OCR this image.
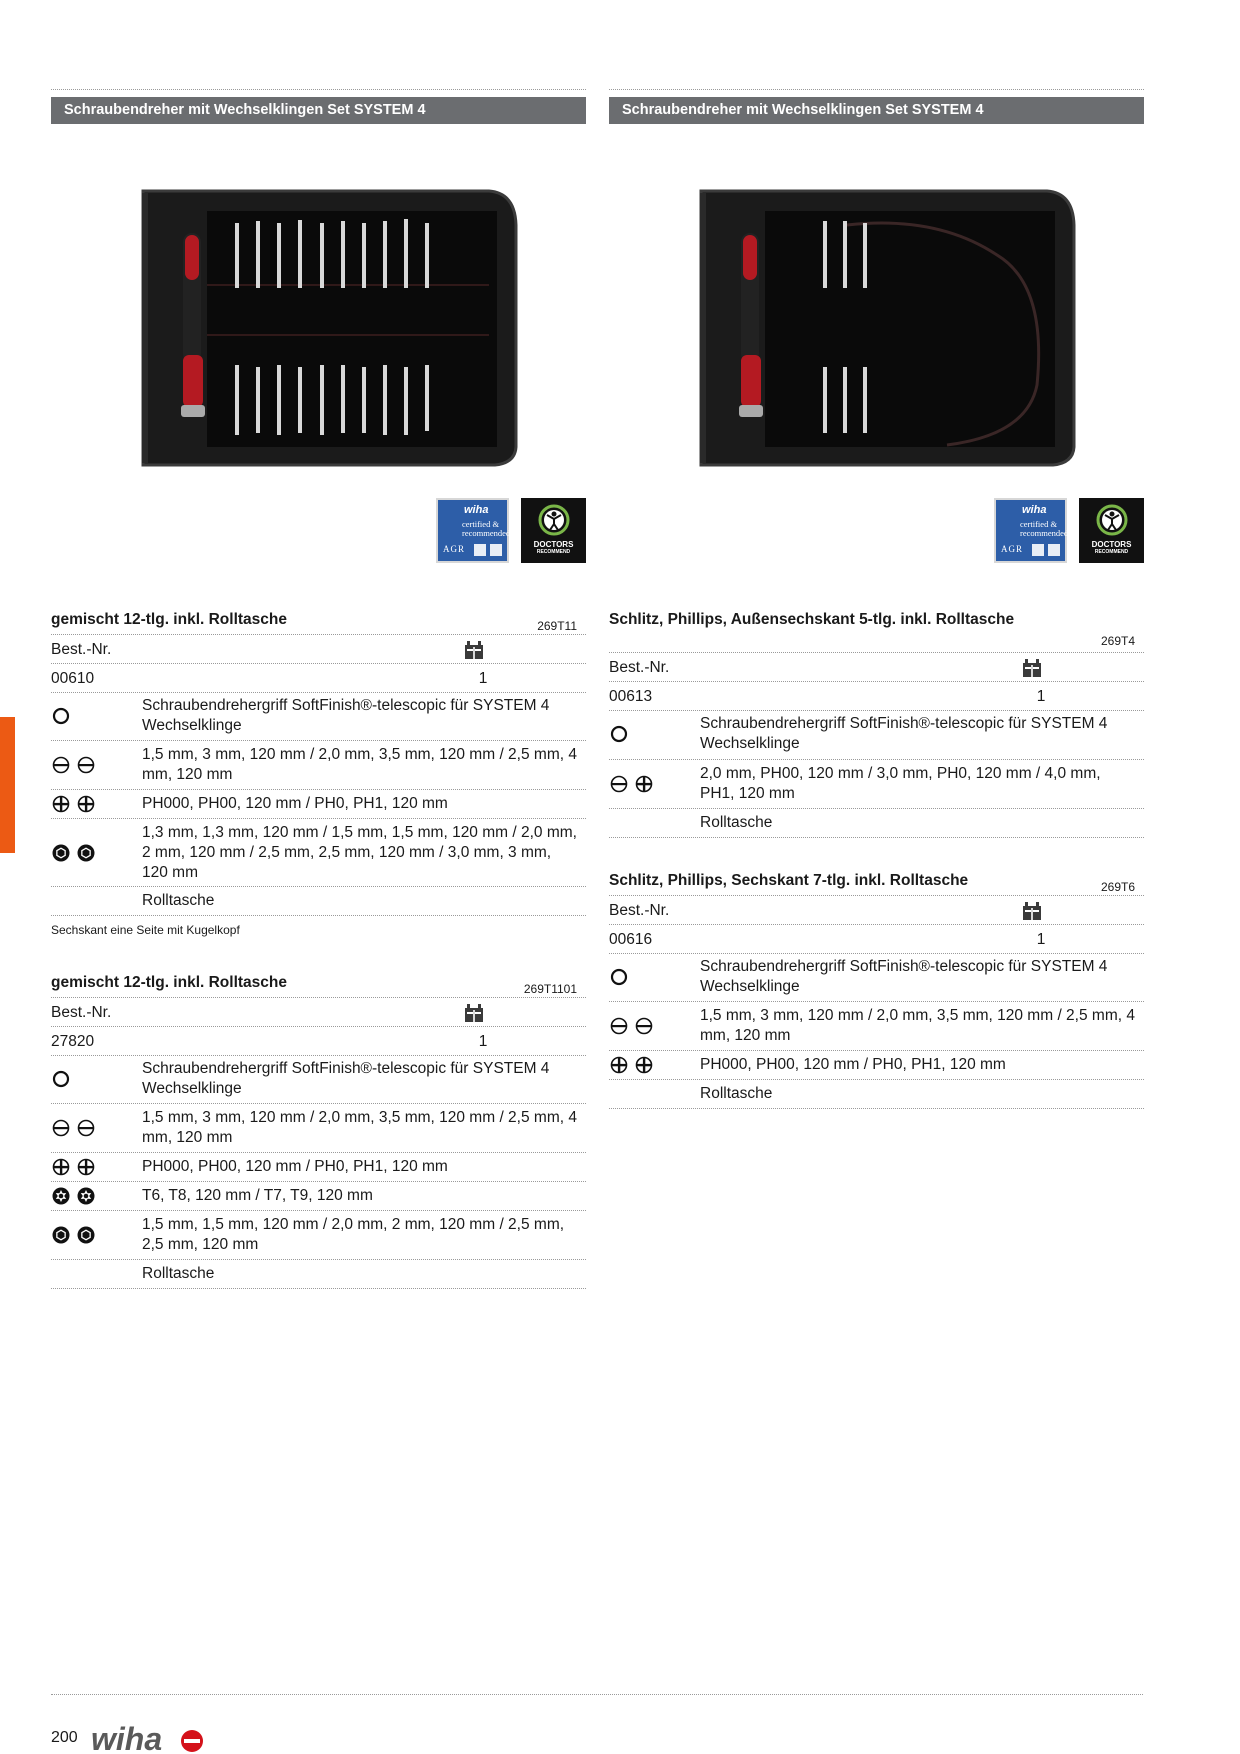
Schraubendreher mit Wechselklingen Set SYSTEM 4
wiha
certified &
recommended
AGR	DOCTORS
RECOMMEND
gemischt 12-tlg. inkl. Rolltasche	269T11
Best.-Nr.
00610	1
Schraubendrehergriff SoftFinish®-telescopic für SYSTEM 4 Wechselklinge
1,5 mm, 3 mm, 120 mm / 2,0 mm, 3,5 mm, 120 mm / 2,5 mm, 4 mm, 120 mm
PH000, PH00, 120 mm / PH0, PH1, 120 mm
1,3 mm, 1,3 mm, 120 mm / 1,5 mm, 1,5 mm, 120 mm / 2,0 mm, 2 mm, 120 mm / 2,5 mm, 2,5 mm, 120 mm / 3,0 mm, 3 mm, 120 mm
Rolltasche
Sechskant eine Seite mit Kugelkopf
gemischt 12-tlg. inkl. Rolltasche	269T1101
Best.-Nr.
27820	1
Schraubendrehergriff SoftFinish®-telescopic für SYSTEM 4 Wechselklinge
1,5 mm, 3 mm, 120 mm / 2,0 mm, 3,5 mm, 120 mm / 2,5 mm, 4 mm, 120 mm
PH000, PH00, 120 mm / PH0, PH1, 120 mm
T6, T8, 120 mm / T7, T9, 120 mm
1,5 mm, 1,5 mm, 120 mm / 2,0 mm, 2 mm, 120 mm / 2,5 mm, 2,5 mm, 120 mm
Rolltasche
Schraubendreher mit Wechselklingen Set SYSTEM 4
wiha
certified &
recommended
AGR	DOCTORS
RECOMMEND
Schlitz, Phillips, Außensechskant 5-tlg. inkl. Rolltasche
269T4
Best.-Nr.
00613	1
Schraubendrehergriff SoftFinish®-telescopic für SYSTEM 4 Wechselklinge
2,0 mm, PH00, 120 mm / 3,0 mm, PH0, 120 mm / 4,0 mm, PH1, 120 mm
Rolltasche
Schlitz, Phillips, Sechskant 7-tlg. inkl. Rolltasche	269T6
Best.-Nr.
00616	1
Schraubendrehergriff SoftFinish®-telescopic für SYSTEM 4 Wechselklinge
1,5 mm, 3 mm, 120 mm / 2,0 mm, 3,5 mm, 120 mm / 2,5 mm, 4 mm, 120 mm
PH000, PH00, 120 mm / PH0, PH1, 120 mm
Rolltasche
200 wiha
